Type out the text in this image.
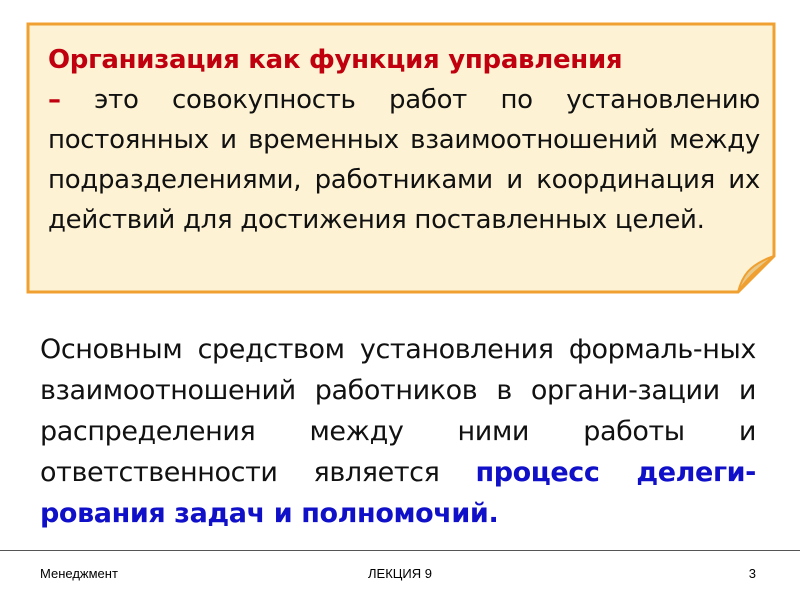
Организация как функция управления
– это совокупность работ по установлению постоянных и временных взаимоотношений между подразделениями, работниками и координация их действий для достижения поставленных целей.
Основным средством установления формаль-ных взаимоотношений работников в органи-зации и распределения между ними работы и ответственности является процесс делеги-рования задач и полномочий.
Менеджмент	ЛЕКЦИЯ 9	3
